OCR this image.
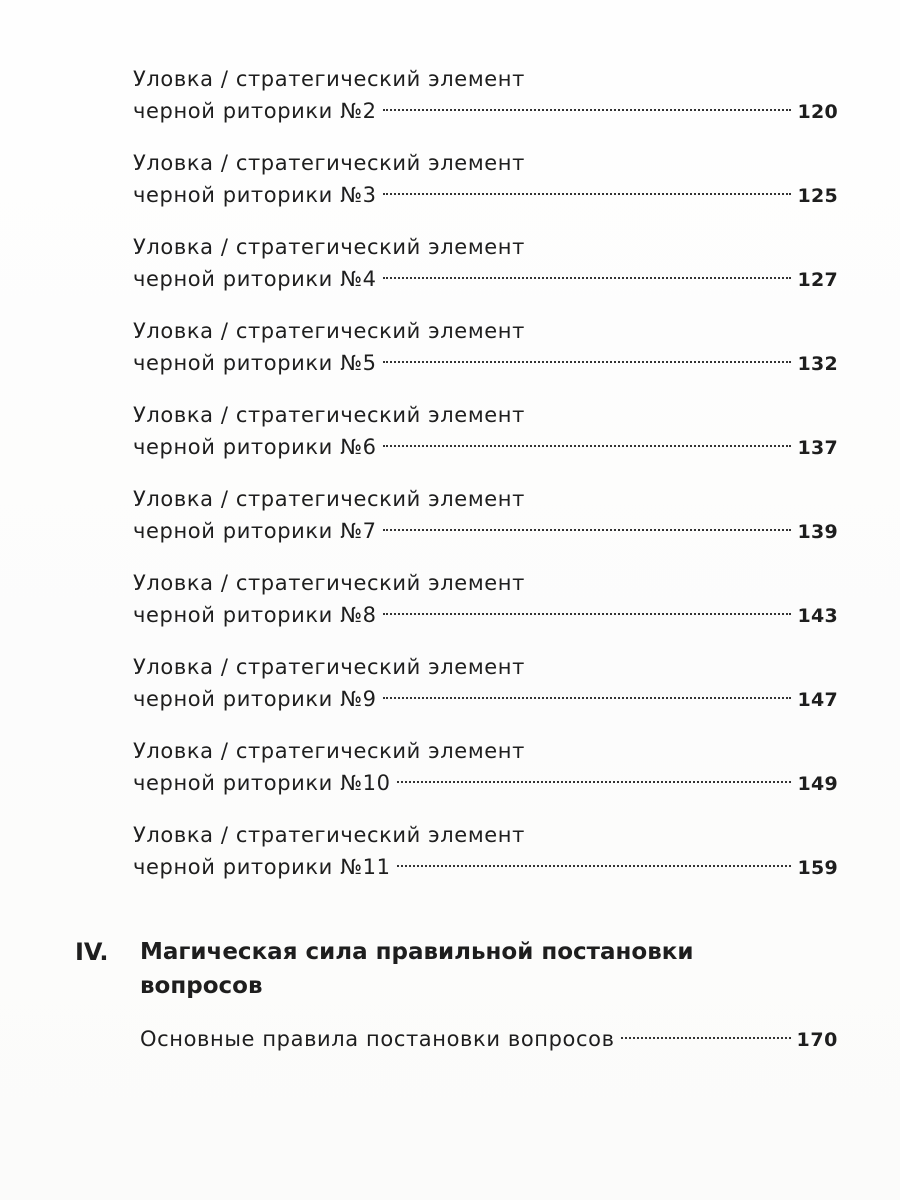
Уловка / стратегический элемент
черной риторики №2	120
Уловка / стратегический элемент
черной риторики №3	125
Уловка / стратегический элемент
черной риторики №4	127
Уловка / стратегический элемент
черной риторики №5	132
Уловка / стратегический элемент
черной риторики №6	137
Уловка / стратегический элемент
черной риторики №7	139
Уловка / стратегический элемент
черной риторики №8	143
Уловка / стратегический элемент
черной риторики №9	147
Уловка / стратегический элемент
черной риторики №10	149
Уловка / стратегический элемент
черной риторики №11	159
IV. Магическая сила правильной постановки вопросов
Основные правила постановки вопросов	170
